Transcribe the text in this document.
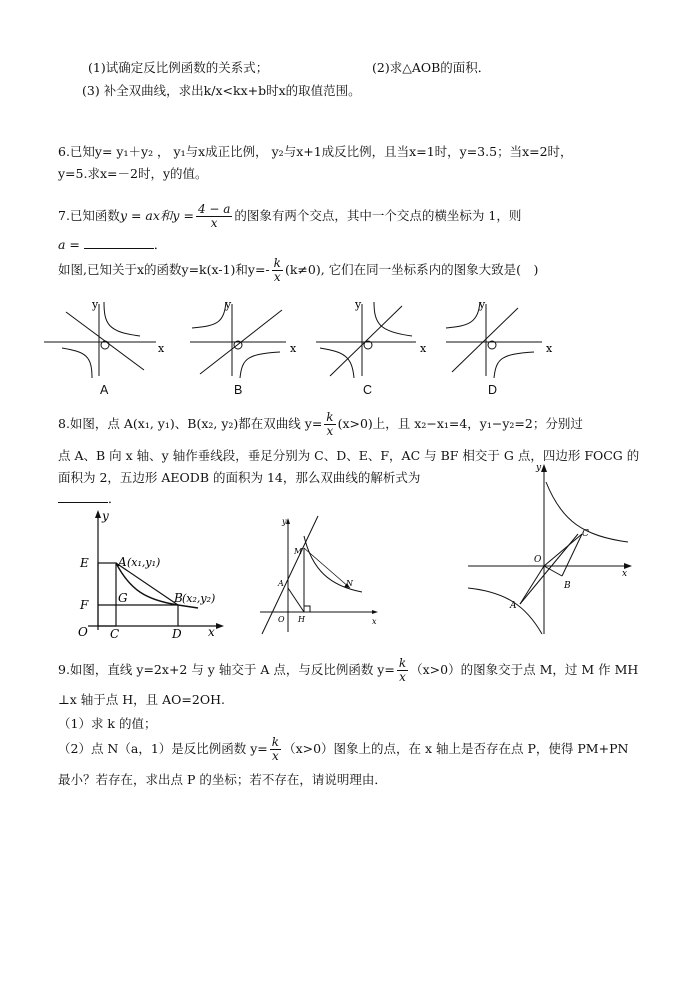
(1)试确定反比例函数的关系式；	(2)求△AOB的面积．
(3) 补全双曲线，求出k/x<kx+b时x的取值范围。
6.已知y= y₁＋y₂ ， y₁与x成正比例， y₂与x+1成反比例，且当x=1时，y=3.5；当x=2时，
y=5.求x=－2时，y的值。
7.已知函数y = ax和$y = \frac{4 - a}{x}$ 的图象有两个交点，其中一个交点的横坐标为 1，则
a =	．
如图,已知关于x的函数y=k(x-1)和$y=- \frac{k}{x} (k\ne 0)$, 它们在同一坐标系内的图象大致是(　)
y
x
A
y
x
B
y
x
C
y
x
D
8.如图，点 A(x₁, y₁)、B(x₂, y₂)都在双曲线 $y= \frac{k}{x} (x>0)$上，且 x₂−x₁=4，y₁−y₂=2；分别过
点 A、B 向 x 轴、y 轴作垂线段，垂足分别为 C、D、E、F，AC 与 BF 相交于 G 点，四边形 FOCG 的
面积为 2，五边形 AEODB 的面积为 14，那么双曲线的解析式为
．
y
x
E
F
O C	D
G
A (x₁,y₁)
B (x₂,y₂)
y
x
M
A
O H
N
y
x
O
A
B
C
9.如图，直线 y=2x+2 与 y 轴交于 A 点，与反比例函数 $y= \frac{k}{x} (x>0)$的图象交于点 M，过 M 作 MH
⊥x 轴于点 H，且 AO=2OH.
（1）求 k 的值；
（2）点 N（a，1）是反比例函数 $y= \frac{k}{x} (x>0)$图象上的点，在 x 轴上是否存在点 P，使得 PM+PN
最小？若存在，求出点 P 的坐标；若不存在，请说明理由．
